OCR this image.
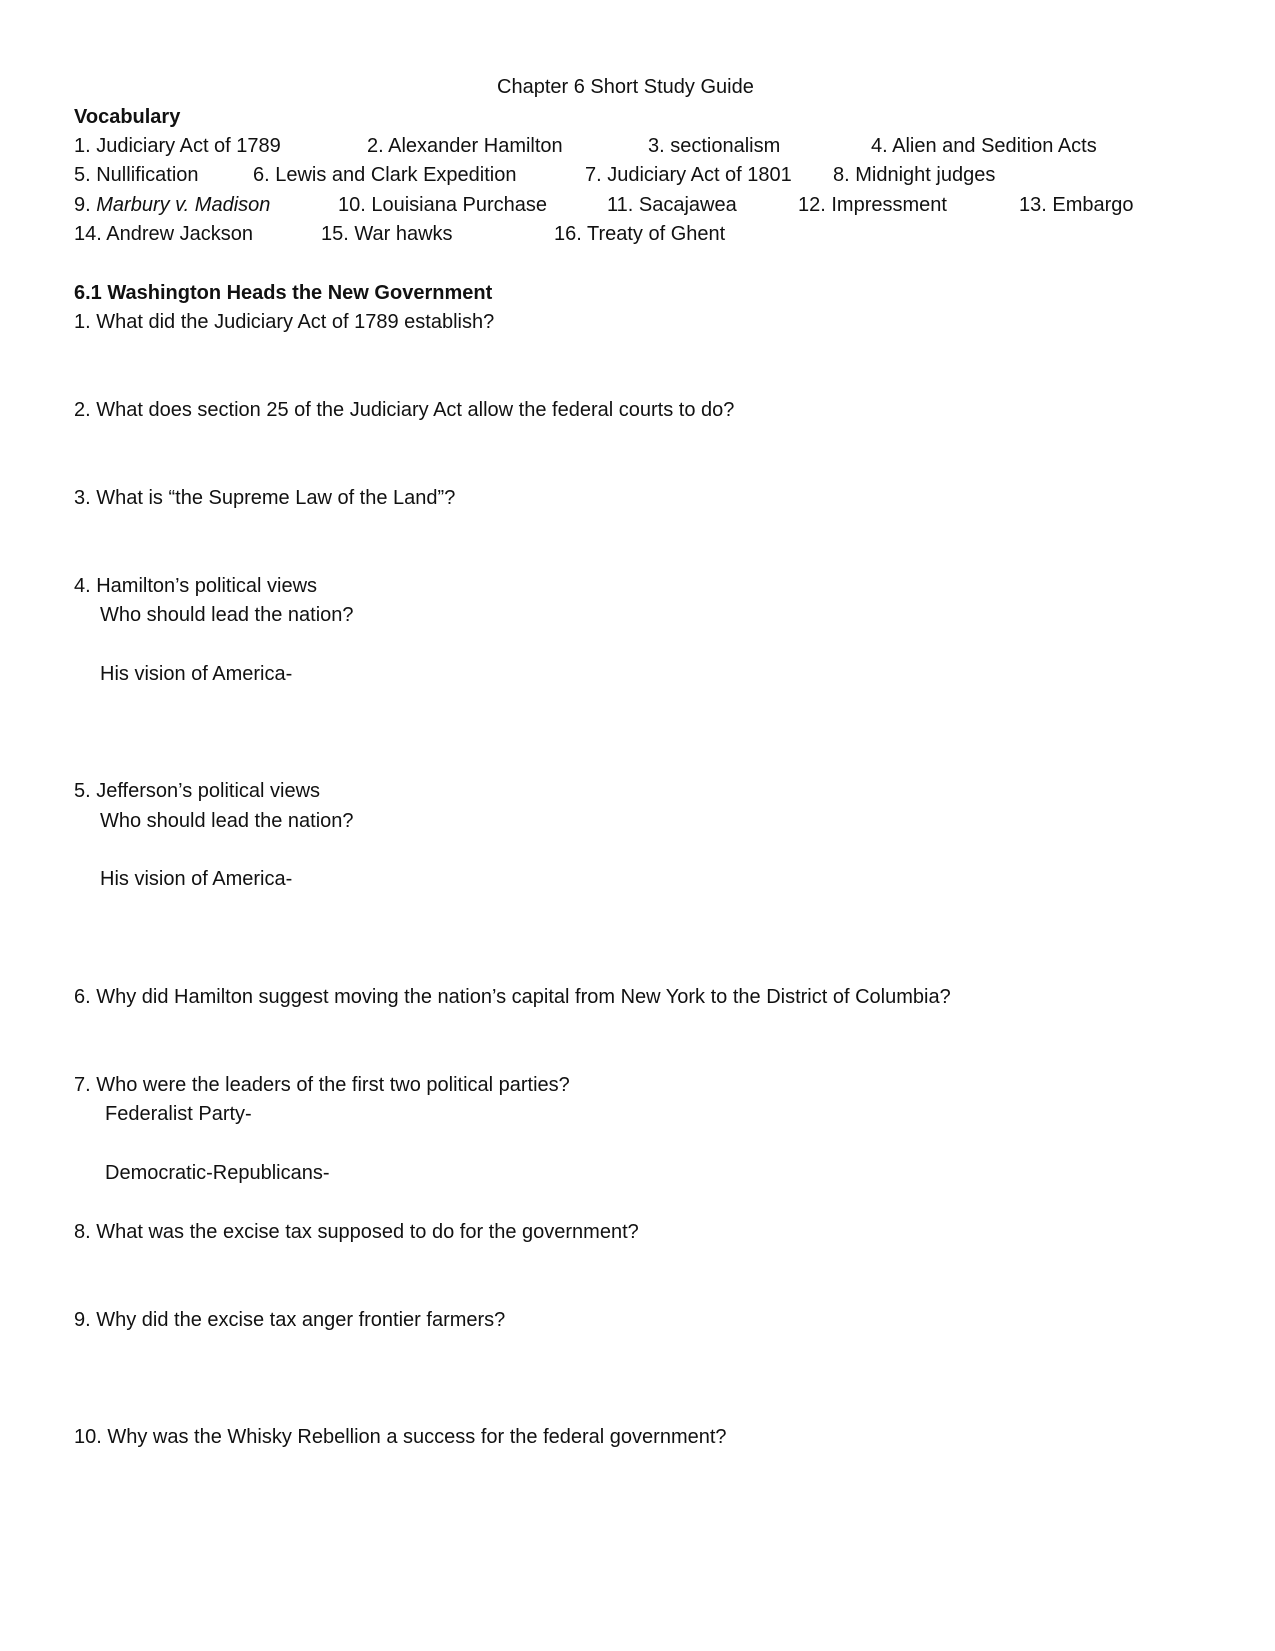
Chapter 6 Short Study Guide
Vocabulary
1. Judiciary Act of 1789	2. Alexander Hamilton	3. sectionalism	4. Alien and Sedition Acts
5. Nullification	6. Lewis and Clark Expedition	7. Judiciary Act of 1801 8. Midnight judges
9. Marbury v. Madison	10. Louisiana Purchase	11. Sacajawea	12. Impressment	13. Embargo
14. Andrew Jackson	15. War hawks	16. Treaty of Ghent
6.1 Washington Heads the New Government
1. What did the Judiciary Act of 1789 establish?
2. What does section 25 of the Judiciary Act allow the federal courts to do?
3. What is “the Supreme Law of the Land”?
4. Hamilton’s political views
Who should lead the nation?
His vision of America-
5. Jefferson’s political views
Who should lead the nation?
His vision of America-
6. Why did Hamilton suggest moving the nation’s capital from New York to the District of Columbia?
7. Who were the leaders of the first two political parties?
Federalist Party-
Democratic-Republicans-
8. What was the excise tax supposed to do for the government?
9. Why did the excise tax anger frontier farmers?
10. Why was the Whisky Rebellion a success for the federal government?
